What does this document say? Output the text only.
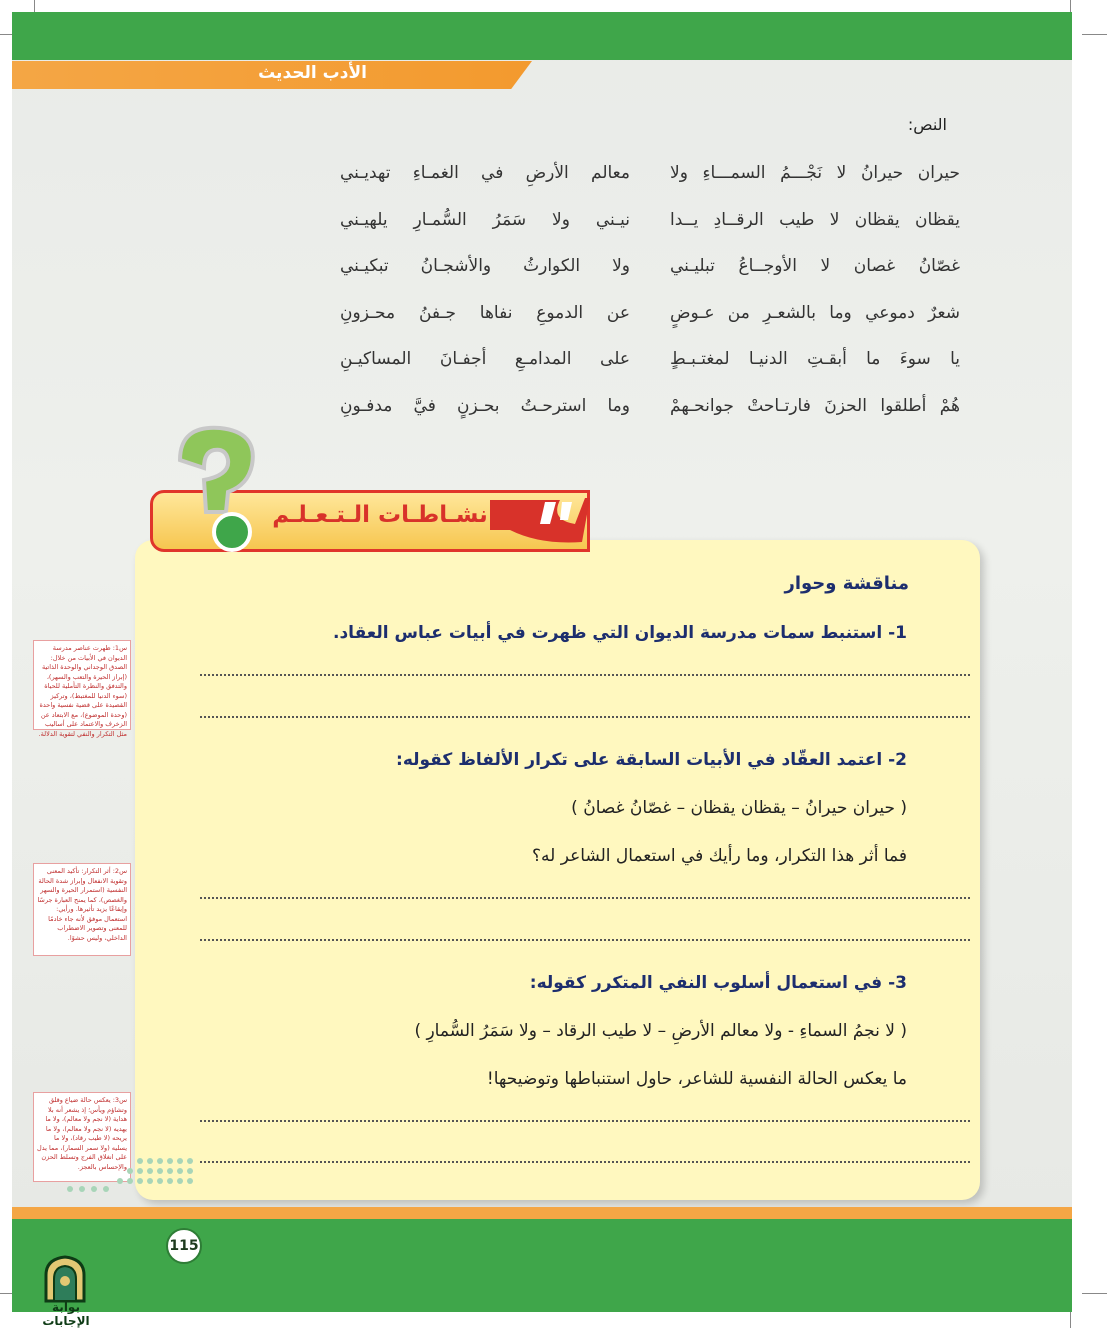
الأدب الحديث
النص:
حيران حيرانُ لا نَجْـــمُ السمـــاءِ ولا
معالم الأرضِ في الغمـاءِ تهديـني
يقظان يقظان لا طيب الرقــادِ يــدا
نيـني ولا سَمَرُ السُّمـارِ يلهيـني
غصّانُ غصان لا الأوجــاعُ تبليـني
ولا الكوارثُ والأشجـانُ تبكيـني
شعرٌ دموعي وما بالشعـرِ من عـوضٍ
عن الدموعِ نفاها جـفنُ محـزونِ
يا سوءَ ما أبقـتِ الدنيـا لمغتـبـطٍ
على المدامـعِ أجفـانَ المساكيـنِ
هُمْ أطلقوا الحزنَ فارتـاحتْ جوانحـهمْ
وما استرحـتُ بحـزنٍ فيَّ مدفـونِ
نشـاطـات الـتـعـلـم
مناقشة وحوار
1- استنبط سمات مدرسة الديوان التي ظهرت في أبيات عباس العقاد.
2- اعتمد العقّاد في الأبيات السابقة على تكرار الألفاظ كقوله:
( حيران حيرانُ – يقظان يقظان – غصّانُ غصانُ )
فما أثر هذا التكرار، وما رأيك في استعمال الشاعر له؟
3- في استعمال أسلوب النفي المتكرر كقوله:
( لا نجمُ السماءِ - ولا معالم الأرضِ – لا طيب الرقاد – ولا سَمَرُ السُّمارِ )
ما يعكس الحالة النفسية للشاعر، حاول استنباطها وتوضيحها!
س1: ظهرت عناصر مدرسة الديوان في الأبيات من خلال: الصدق الوجداني والوحدة الذاتية (إبراز الحيرة والتعب والسهر)، والتدفق والنظرة التأملية للحياة (سوء الدنيا للمغتبط)، وتركيز القصيدة على قضية نفسية واحدة (وحدة الموضوع)، مع الابتعاد عن الزخرف والاعتماد على أساليب مثل التكرار والنفي لتقوية الدلالة.
س2: أثر التكرار: تأكيد المعنى وتقوية الانفعال وإبراز شدة الحالة النفسية (استمرار الحيرة والسهر والغصص)، كما يمنح العبارة جرسًا وإيقاعًا يزيد تأثيرها. ورأيي: استعمال موفق لأنه جاء خادمًا للمعنى وتصوير الاضطراب الداخلي، وليس حشوًا.
س3: يعكس حالة ضياع وقلق وتشاؤم ويأس؛ إذ يشعر أنه بلا هداية (لا نجم ولا معالم)، ولا ما يهديه (لا نجم ولا معالم)، ولا ما يريحه (لا طيب رقاد)، ولا ما يسليه (ولا سمر السمار)، مما يدل على انغلاق الفرج وتسلط الحزن والإحساس بالعجز.
115
بوابة الإجابات
